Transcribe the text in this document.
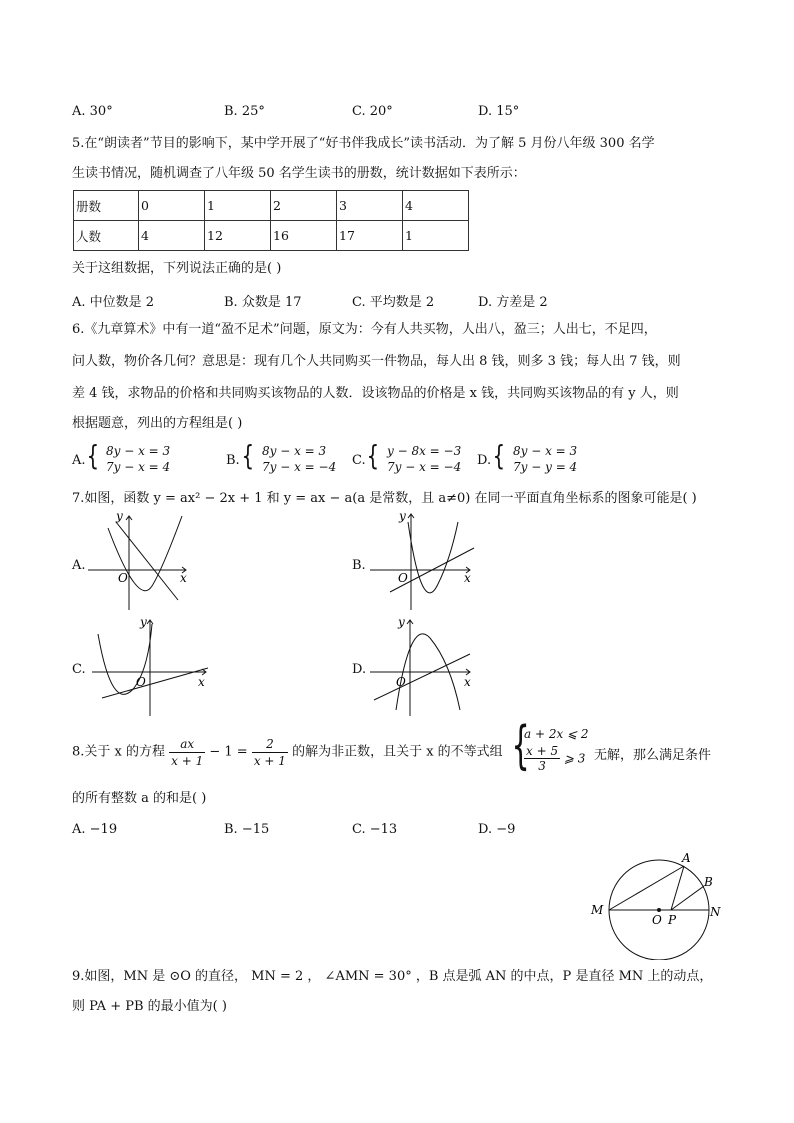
A. 30°	B. 25°	C. 20°	D. 15°
5.在“朗读者”节目的影响下，某中学开展了“好书伴我成长”读书活动．为了解 5 月份八年级 300 名学
生读书情况，随机调查了八年级 50 名学生读书的册数，统计数据如下表所示：
册数	0	1	2	3	4
人数	4	12	16	17	1
关于这组数据，下列说法正确的是( )
A. 中位数是 2	B. 众数是 17	C. 平均数是 2	D. 方差是 2
6.《九章算术》中有一道“盈不足术”问题，原文为：今有人共买物，人出八，盈三；人出七，不足四，
问人数，物价各几何？意思是：现有几个人共同购买一件物品，每人出 8 钱，则多 3 钱；每人出 7 钱，则
差 4 钱，求物品的价格和共同购买该物品的人数．设该物品的价格是 x 钱，共同购买该物品的有 y 人，则
根据题意，列出的方程组是( )
A. { 8y − x = 3
7y − x = 4	B. { 8y − x = 3
7y − x = −4 C. { y − 8x = −3
7y − x = −4 D. { 8y − x = 3
7y − y = 4
7.如图，函数 y = ax² − 2x + 1 和 y = ax − a(a 是常数，且 a≠0) 在同一平面直角坐标系的图象可能是( )
A.
y
x
O
B.
y
x
O
C.
y
x
O
D.
y
x
O
8.关于 x 的方程 $\frac{ax}{x + 1} - 1 = \frac{2}{x + 1}$ 的解为非正数，且关于 x 的不等式组 {
a + 2x ⩽ 2
$\frac{x + 5}{3}$ ⩾ 3 无解，那么满足条件
的所有整数 a 的和是( )
A. −19	B. −15	C. −13	D. −9
A
B
M
O P
N
9.如图，MN 是 ⊙O 的直径， MN = 2 ， ∠AMN = 30° ，B 点是弧 AN 的中点，P 是直径 MN 上的动点，
则 PA + PB 的最小值为( )
